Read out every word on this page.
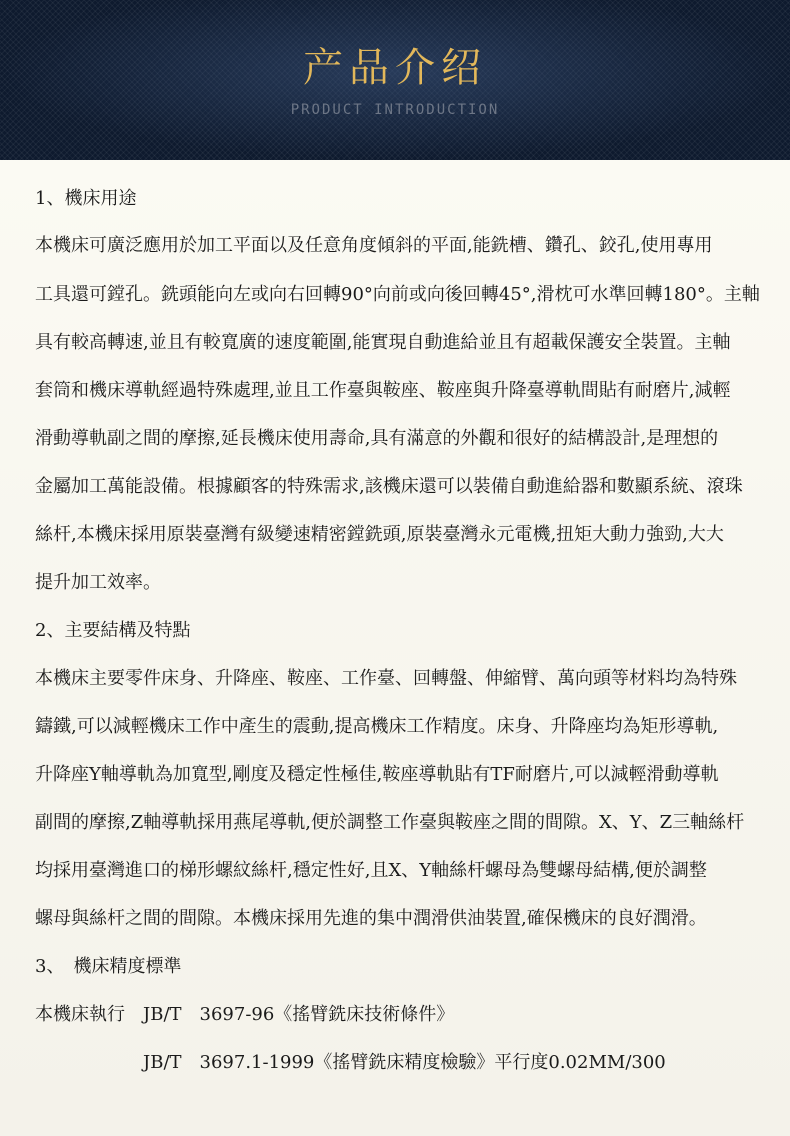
产品介绍
PRODUCT INTRODUCTION
1、機床用途
本機床可廣泛應用於加工平面以及任意角度傾斜的平面,能銑槽、鑽孔、鉸孔,使用專用
工具還可鏜孔。銑頭能向左或向右回轉90°向前或向後回轉45°,滑枕可水準回轉180°。主軸
具有較高轉速,並且有較寬廣的速度範圍,能實現自動進給並且有超載保護安全裝置。主軸
套筒和機床導軌經過特殊處理,並且工作臺與鞍座、鞍座與升降臺導軌間貼有耐磨片,減輕
滑動導軌副之間的摩擦,延長機床使用壽命,具有滿意的外觀和很好的結構設計,是理想的
金屬加工萬能設備。根據顧客的特殊需求,該機床還可以裝備自動進給器和數顯系統、滾珠
絲杆,本機床採用原裝臺灣有級變速精密鏜銑頭,原裝臺灣永元電機,扭矩大動力強勁,大大
提升加工效率。
2、主要結構及特點
本機床主要零件床身、升降座、鞍座、工作臺、回轉盤、伸縮臂、萬向頭等材料均為特殊
鑄鐵,可以減輕機床工作中產生的震動,提高機床工作精度。床身、升降座均為矩形導軌,
升降座Y軸導軌為加寬型,剛度及穩定性極佳,鞍座導軌貼有TF耐磨片,可以減輕滑動導軌
副間的摩擦,Z軸導軌採用燕尾導軌,便於調整工作臺與鞍座之間的間隙。X、Y、Z三軸絲杆
均採用臺灣進口的梯形螺紋絲杆,穩定性好,且X、Y軸絲杆螺母為雙螺母結構,便於調整
螺母與絲杆之間的間隙。本機床採用先進的集中潤滑供油裝置,確保機床的良好潤滑。
3、　機床精度標準
本機床執行　JB/T　3697-96《搖臂銑床技術條件》
JB/T　3697.1-1999《搖臂銑床精度檢驗》平行度0.02MM/300
